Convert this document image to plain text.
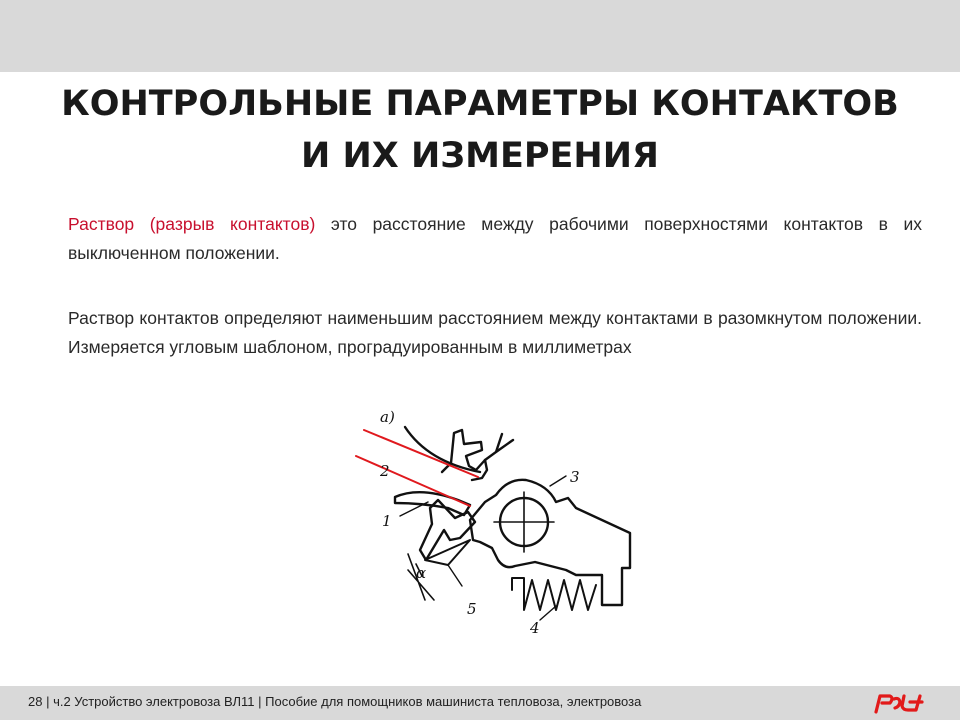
КОНТРОЛЬНЫЕ ПАРАМЕТРЫ КОНТАКТОВ
И ИХ ИЗМЕРЕНИЯ
Раствор (разрыв контактов) это расстояние между рабочими поверхностями контактов в их выключенном положении.
Раствор контактов определяют наименьшим расстоянием между контактами в разомкнутом положении. Измеряется угловым шаблоном, проградуированным в миллиметрах
а)
2
1
3
4
5
α
28 | ч.2 Устройство электровоза ВЛ11 | Пособие для помощников машиниста тепловоза, электровоза
